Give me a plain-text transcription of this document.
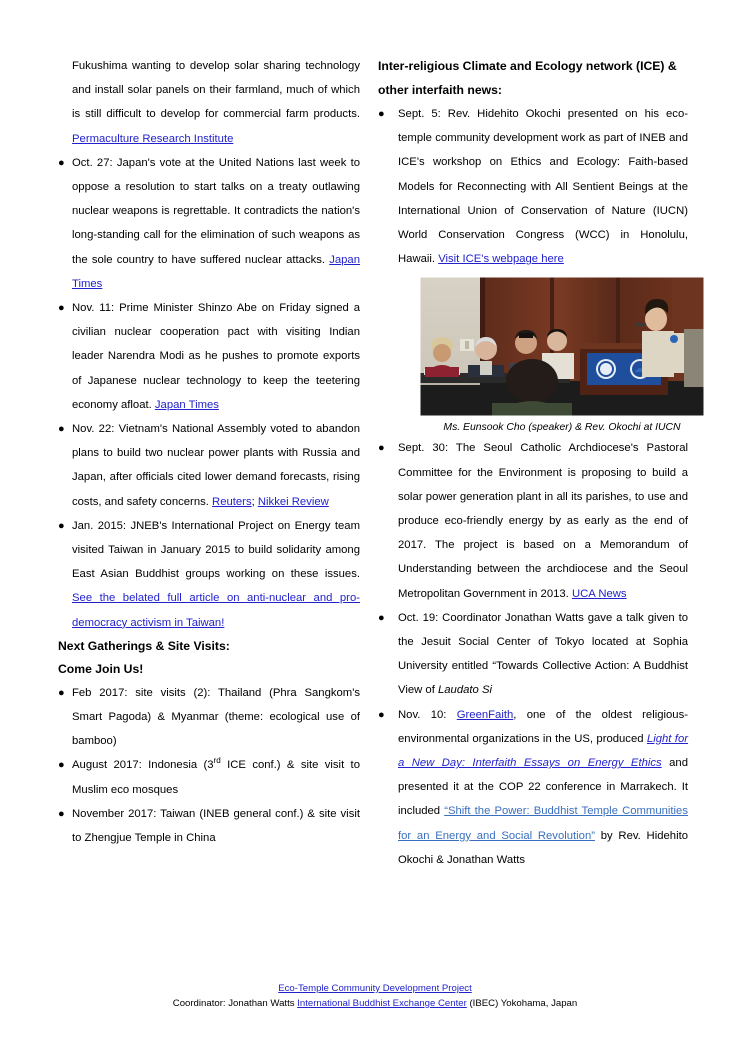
Fukushima wanting to develop solar sharing technology and install solar panels on their farmland, much of which is still difficult to develop for commercial farm products. Permaculture Research Institute
● Oct. 27: Japan's vote at the United Nations last week to oppose a resolution to start talks on a treaty outlawing nuclear weapons is regrettable. It contradicts the nation's long-standing call for the elimination of such weapons as the sole country to have suffered nuclear attacks. Japan Times
● Nov. 11: Prime Minister Shinzo Abe on Friday signed a civilian nuclear cooperation pact with visiting Indian leader Narendra Modi as he pushes to promote exports of Japanese nuclear technology to keep the teetering economy afloat. Japan Times
● Nov. 22: Vietnam's National Assembly voted to abandon plans to build two nuclear power plants with Russia and Japan, after officials cited lower demand forecasts, rising costs, and safety concerns. Reuters; Nikkei Review
● Jan. 2015: JNEB's International Project on Energy team visited Taiwan in January 2015 to build solidarity among East Asian Buddhist groups working on these issues. See the belated full article on anti-nuclear and pro-democracy activism in Taiwan!
Next Gatherings & Site Visits:
Come Join Us!
● Feb 2017: site visits (2): Thailand (Phra Sangkom's Smart Pagoda) & Myanmar (theme: ecological use of bamboo)
● August 2017: Indonesia (3rd ICE conf.) & site visit to Muslim eco mosques
● November 2017: Taiwan (INEB general conf.) & site visit to Zhengjue Temple in China
Inter-religious Climate and Ecology network (ICE) & other interfaith news:
●	Sept. 5: Rev. Hidehito Okochi presented on his eco-temple community development work as part of INEB and ICE's workshop on Ethics and Ecology: Faith-based Models for Reconnecting with All Sentient Beings at the International Union of Conservation of Nature (IUCN) World Conservation Congress (WCC) in Honolulu, Hawaii. Visit ICE's webpage here
Ms. Eunsook Cho (speaker) & Rev. Okochi at IUCN
●	Sept. 30: The Seoul Catholic Archdiocese's Pastoral Committee for the Environment is proposing to build a solar power generation plant in all its parishes, to use and produce eco-friendly energy by as early as the end of 2017. The project is based on a Memorandum of Understanding between the archdiocese and the Seoul Metropolitan Government in 2013. UCA News
●	Oct. 19: Coordinator Jonathan Watts gave a talk given to the Jesuit Social Center of Tokyo located at Sophia University entitled “Towards Collective Action: A Buddhist View of Laudato Si
●	Nov. 10: GreenFaith, one of the oldest religious-environmental organizations in the US, produced Light for a New Day: Interfaith Essays on Energy Ethics and presented it at the COP 22 conference in Marrakech. It included “Shift the Power: Buddhist Temple Communities for an Energy and Social Revolution” by Rev. Hidehito Okochi & Jonathan Watts
Eco-Temple Community Development Project
Coordinator: Jonathan Watts International Buddhist Exchange Center (IBEC) Yokohama, Japan
